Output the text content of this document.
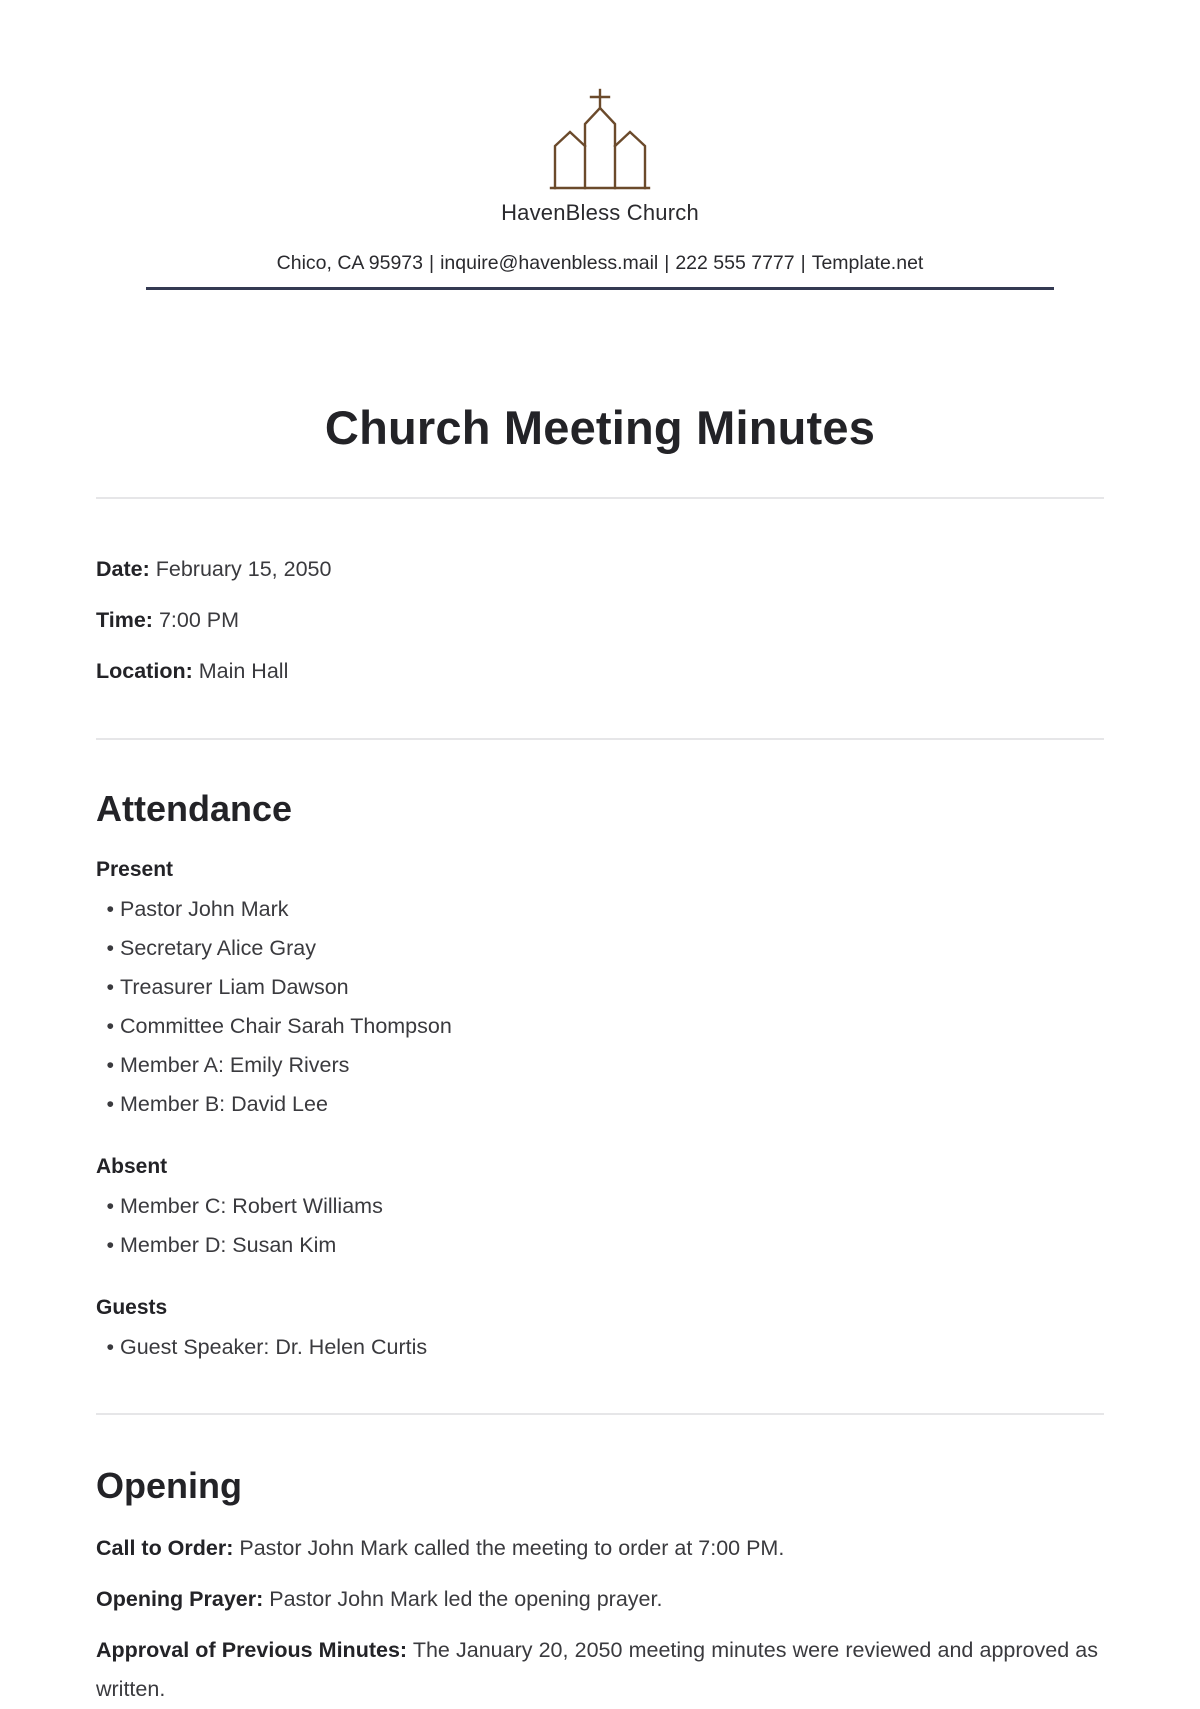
HavenBless Church
Chico, CA 95973 | inquire@havenbless.mail | 222 555 7777 | Template.net
Church Meeting Minutes

Date: February 15, 2050

Time: 7:00 PM

Location: Main Hall

Attendance
Present
• Pastor John Mark
• Secretary Alice Gray
• Treasurer Liam Dawson
• Committee Chair Sarah Thompson
• Member A: Emily Rivers
• Member B: David Lee
Absent
• Member C: Robert Williams
• Member D: Susan Kim
Guests
• Guest Speaker: Dr. Helen Curtis
Opening

Call to Order: Pastor John Mark called the meeting to order at 7:00 PM.

Opening Prayer: Pastor John Mark led the opening prayer.

Approval of Previous Minutes: The January 20, 2050 meeting minutes were reviewed and approved as written.
